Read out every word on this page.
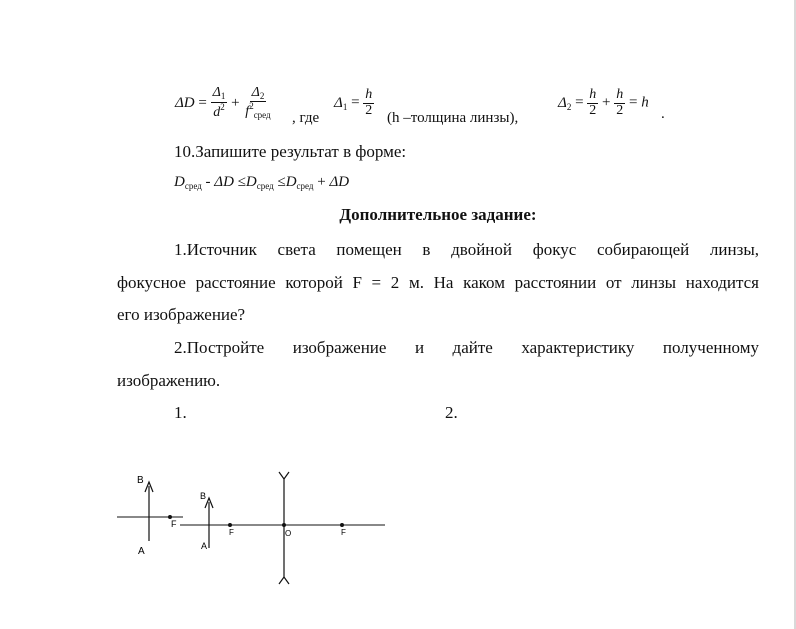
$\Delta D = \frac{\Delta_1}{d^2} + \frac{\Delta_2}{f^2_{сред}}$ , где
$\Delta_1 = \frac{h}{2} (h$ –толщина линзы),
$\Delta_2 = \frac{h}{2} + \frac{h}{2} = h$
.
10.Запишите результат в форме:
$D_{сред} - \Delta D \le D_{сред} \le D_{сред} + \Delta D$
Дополнительное задание:
1.Источник света помещен в двойной фокус собирающей линзы,
фокусное расстояние которой F = 2 м. На каком расстоянии от линзы находится
его изображение?
2.Постройте изображение и дайте характеристику полученному
изображению.
1.	2.
B
A
F
B
A
F	O	F
